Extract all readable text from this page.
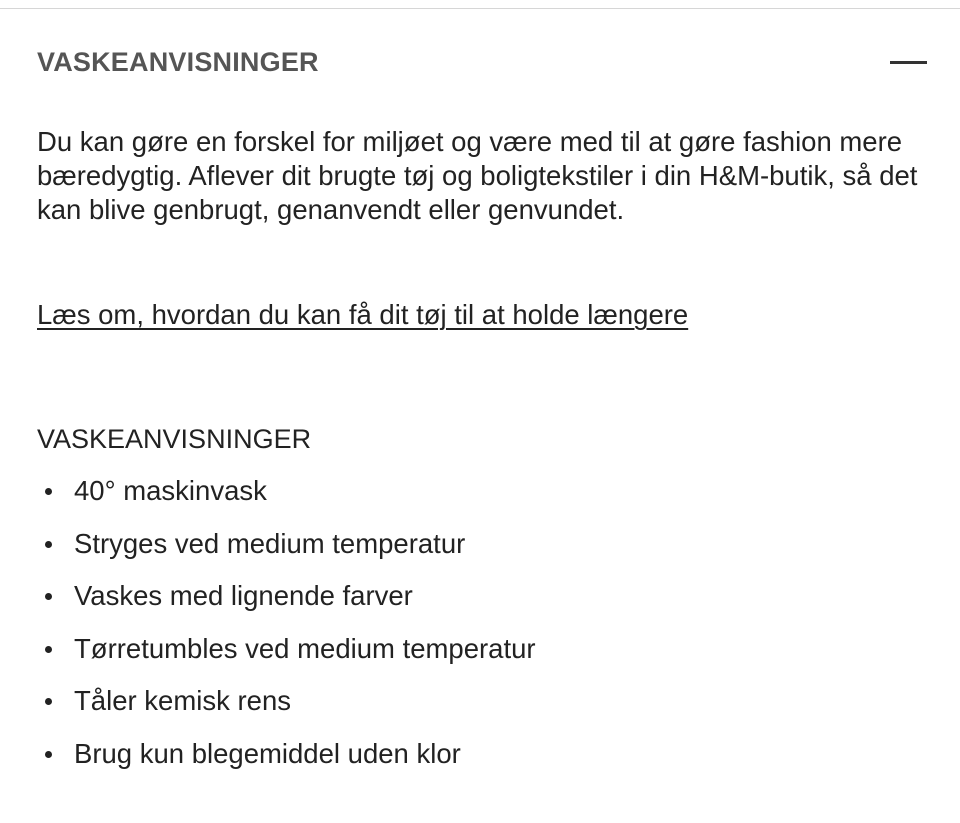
VASKEANVISNINGER

Du kan gøre en forskel for miljøet og være med til at gøre fashion mere bæredygtig. Aflever dit brugte tøj og boligtekstiler i din H&M-butik, så det kan blive genbrugt, genanvendt eller genvundet.

Læs om, hvordan du kan få dit tøj til at holde længere
VASKEANVISNINGER
40° maskinvask
Stryges ved medium temperatur
Vaskes med lignende farver
Tørretumbles ved medium temperatur
Tåler kemisk rens
Brug kun blegemiddel uden klor
